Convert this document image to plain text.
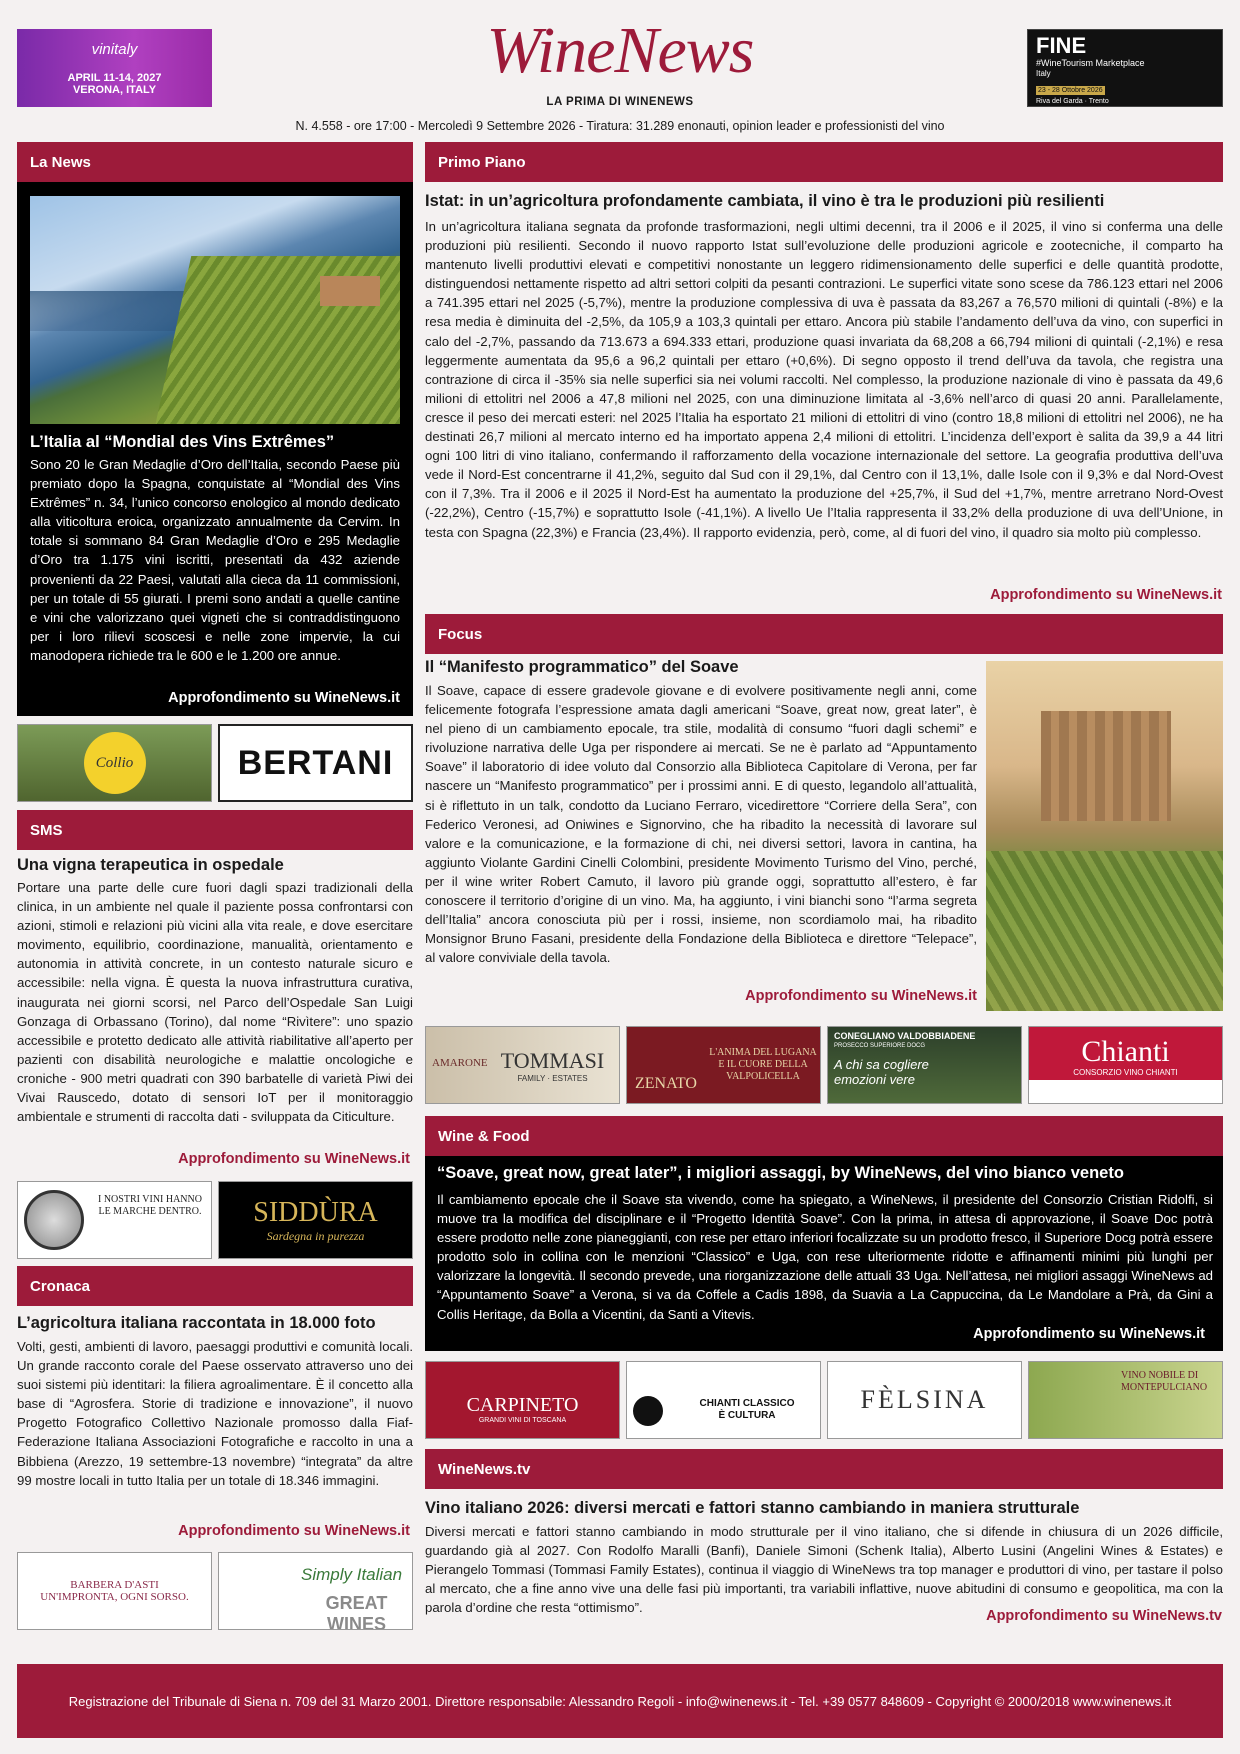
vinitaly
APRIL 11-14, 2027
VERONA, ITALY
WineNews
LA PRIMA DI WINENEWS
FINE
#WineTourism Marketplace
Italy
23 - 28 Ottobre 2026
Riva del Garda · Trento
N. 4.558 - ore 17:00 - Mercoledì 9 Settembre 2026 - Tiratura: 31.289 enonauti, opinion leader e professionisti del vino
La News
L’Italia al “Mondial des Vins Extrêmes”
Sono 20 le Gran Medaglie d’Oro dell’Italia, secondo Paese più premiato dopo la Spagna, conquistate al “Mondial des Vins Extrêmes” n. 34, l’unico concorso enologico al mondo dedicato alla viticoltura eroica, organizzato annualmente da Cervim. In totale si sommano 84 Gran Medaglie d’Oro e 295 Medaglie d’Oro tra 1.175 vini iscritti, presentati da 432 aziende provenienti da 22 Paesi, valutati alla cieca da 11 commissioni, per un totale di 55 giurati. I premi sono andati a quelle cantine e vini che valorizzano quei vigneti che si contraddistinguono per i loro rilievi scoscesi e nelle zone impervie, la cui manodopera richiede tra le 600 e le 1.200 ore annue.
Approfondimento su WineNews.it
Collio	BERTANI
SMS
Una vigna terapeutica in ospedale
Portare una parte delle cure fuori dagli spazi tradizionali della clinica, in un ambiente nel quale il paziente possa confrontarsi con azioni, stimoli e relazioni più vicini alla vita reale, e dove esercitare movimento, equilibrio, coordinazione, manualità, orientamento e autonomia in attività concrete, in un contesto naturale sicuro e accessibile: nella vigna. È questa la nuova infrastruttura curativa, inaugurata nei giorni scorsi, nel Parco dell’Ospedale San Luigi Gonzaga di Orbassano (Torino), dal nome “Rivìtere”: uno spazio accessibile e protetto dedicato alle attività riabilitative all’aperto per pazienti con disabilità neurologiche e malattie oncologiche e croniche - 900 metri quadrati con 390 barbatelle di varietà Piwi dei Vivai Rauscedo, dotato di sensori IoT per il monitoraggio ambientale e strumenti di raccolta dati - sviluppata da Citiculture.
Approfondimento su WineNews.it
I NOSTRI VINI HANNO LE MARCHE DENTRO. SIDDÙRA
Sardegna in purezza
Cronaca
L’agricoltura italiana raccontata in 18.000 foto
Volti, gesti, ambienti di lavoro, paesaggi produttivi e comunità locali. Un grande racconto corale del Paese osservato attraverso uno dei suoi sistemi più identitari: la filiera agroalimentare. È il concetto alla base di “Agrosfera. Storie di tradizione e innovazione”, il nuovo Progetto Fotografico Collettivo Nazionale promosso dalla Fiaf-Federazione Italiana Associazioni Fotografiche e raccolto in una a Bibbiena (Arezzo, 19 settembre-13 novembre) “integrata” da altre 99 mostre locali in tutto Italia per un totale di 18.346 immagini.
Approfondimento su WineNews.it
BARBERA D'ASTI
UN'IMPRONTA, OGNI SORSO.
Simply Italian
GREAT WINES
Primo Piano
Istat: in un’agricoltura profondamente cambiata, il vino è tra le produzioni più resilienti
In un’agricoltura italiana segnata da profonde trasformazioni, negli ultimi decenni, tra il 2006 e il 2025, il vino si conferma una delle produzioni più resilienti. Secondo il nuovo rapporto Istat sull’evoluzione delle produzioni agricole e zootecniche, il comparto ha mantenuto livelli produttivi elevati e competitivi nonostante un leggero ridimensionamento delle superfici e delle quantità prodotte, distinguendosi nettamente rispetto ad altri settori colpiti da pesanti contrazioni. Le superfici vitate sono scese da 786.123 ettari nel 2006 a 741.395 ettari nel 2025 (-5,7%), mentre la produzione complessiva di uva è passata da 83,267 a 76,570 milioni di quintali (-8%) e la resa media è diminuita del -2,5%, da 105,9 a 103,3 quintali per ettaro. Ancora più stabile l’andamento dell’uva da vino, con superfici in calo del -2,7%, passando da 713.673 a 694.333 ettari, produzione quasi invariata da 68,208 a 66,794 milioni di quintali (-2,1%) e resa leggermente aumentata da 95,6 a 96,2 quintali per ettaro (+0,6%). Di segno opposto il trend dell’uva da tavola, che registra una contrazione di circa il -35% sia nelle superfici sia nei volumi raccolti. Nel complesso, la produzione nazionale di vino è passata da 49,6 milioni di ettolitri nel 2006 a 47,8 milioni nel 2025, con una diminuzione limitata al -3,6% nell’arco di quasi 20 anni. Parallelamente, cresce il peso dei mercati esteri: nel 2025 l’Italia ha esportato 21 milioni di ettolitri di vino (contro 18,8 milioni di ettolitri nel 2006), ne ha destinati 26,7 milioni al mercato interno ed ha importato appena 2,4 milioni di ettolitri. L’incidenza dell’export è salita da 39,9 a 44 litri ogni 100 litri di vino italiano, confermando il rafforzamento della vocazione internazionale del settore. La geografia produttiva dell’uva vede il Nord-Est concentrarne il 41,2%, seguito dal Sud con il 29,1%, dal Centro con il 13,1%, dalle Isole con il 9,3% e dal Nord-Ovest con il 7,3%. Tra il 2006 e il 2025 il Nord-Est ha aumentato la produzione del +25,7%, il Sud del +1,7%, mentre arretrano Nord-Ovest (-22,2%), Centro (-15,7%) e soprattutto Isole (-41,1%). A livello Ue l’Italia rappresenta il 33,2% della produzione di uva dell’Unione, in testa con Spagna (22,3%) e Francia (23,4%). Il rapporto evidenzia, però, come, al di fuori del vino, il quadro sia molto più complesso.
Approfondimento su WineNews.it
Focus
Il “Manifesto programmatico” del Soave
Il Soave, capace di essere gradevole giovane e di evolvere positivamente negli anni, come felicemente fotografa l’espressione amata dagli americani “Soave, great now, great later”, è nel pieno di un cambiamento epocale, tra stile, modalità di consumo “fuori dagli schemi” e rivoluzione narrativa delle Uga per rispondere ai mercati. Se ne è parlato ad “Appuntamento Soave” il laboratorio di idee voluto dal Consorzio alla Biblioteca Capitolare di Verona, per far nascere un “Manifesto programmatico” per i prossimi anni. E di questo, legandolo all’attualità, si è riflettuto in un talk, condotto da Luciano Ferraro, vicedirettore “Corriere della Sera”, con Federico Veronesi, ad Oniwines e Signorvino, che ha ribadito la necessità di lavorare sul valore e la comunicazione, e la formazione di chi, nei diversi settori, lavora in cantina, ha aggiunto Violante Gardini Cinelli Colombini, presidente Movimento Turismo del Vino, perché, per il wine writer Robert Camuto, il lavoro più grande oggi, soprattutto all’estero, è far conoscere il territorio d’origine di un vino. Ma, ha aggiunto, i vini bianchi sono “l’arma segreta dell’Italia” ancora conosciuta più per i rossi, insieme, non scordiamolo mai, ha ribadito Monsignor Bruno Fasani, presidente della Fondazione della Biblioteca e direttore “Telepace”, al valore conviviale della tavola.
Approfondimento su WineNews.it
AMARONE TOMMASI
FAMILY · ESTATES	ZENATO
L'ANIMA DEL LUGANA E IL CUORE DELLA VALPOLICELLA
CONEGLIANO VALDOBBIADENE
PROSECCO SUPERIORE DOCG
A chi sa cogliere emozioni vere
Chianti
CONSORZIO VINO CHIANTI
Wine & Food
“Soave, great now, great later”, i migliori assaggi, by WineNews, del vino bianco veneto
Il cambiamento epocale che il Soave sta vivendo, come ha spiegato, a WineNews, il presidente del Consorzio Cristian Ridolfi, si muove tra la modifica del disciplinare e il “Progetto Identità Soave”. Con la prima, in attesa di approvazione, il Soave Doc potrà essere prodotto nelle zone pianeggianti, con rese per ettaro inferiori focalizzate su un prodotto fresco, il Superiore Docg potrà essere prodotto solo in collina con le menzioni “Classico” e Uga, con rese ulteriormente ridotte e affinamenti minimi più lunghi per valorizzare la longevità. Il secondo prevede, una riorganizzazione delle attuali 33 Uga. Nell’attesa, nei migliori assaggi WineNews ad “Appuntamento Soave” a Verona, si va da Coffele a Cadis 1898, da Suavia a La Cappuccina, da Le Mandolare a Prà, da Gini a Collis Heritage, da Bolla a Vicentini, da Santi a Vitevis.
Approfondimento su WineNews.it
CARPINETO
GRANDI VINI DI TOSCANA
CHIANTI CLASSICO È CULTURA
FÈLSINA
VINO NOBILE DI MONTEPULCIANO
WineNews.tv
Vino italiano 2026: diversi mercati e fattori stanno cambiando in maniera strutturale
Diversi mercati e fattori stanno cambiando in modo strutturale per il vino italiano, che si difende in chiusura di un 2026 difficile, guardando già al 2027. Con Rodolfo Maralli (Banfi), Daniele Simoni (Schenk Italia), Alberto Lusini (Angelini Wines & Estates) e Pierangelo Tommasi (Tommasi Family Estates), continua il viaggio di WineNews tra top manager e produttori di vino, per tastare il polso al mercato, che a fine anno vive una delle fasi più importanti, tra variabili inflattive, nuove abitudini di consumo e geopolitica, ma con la parola d’ordine che resta “ottimismo”.
Approfondimento su WineNews.tv
Registrazione del Tribunale di Siena n. 709 del 31 Marzo 2001. Direttore responsabile: Alessandro Regoli - info@winenews.it - Tel. +39 0577 848609 - Copyright © 2000/2018 www.winenews.it
